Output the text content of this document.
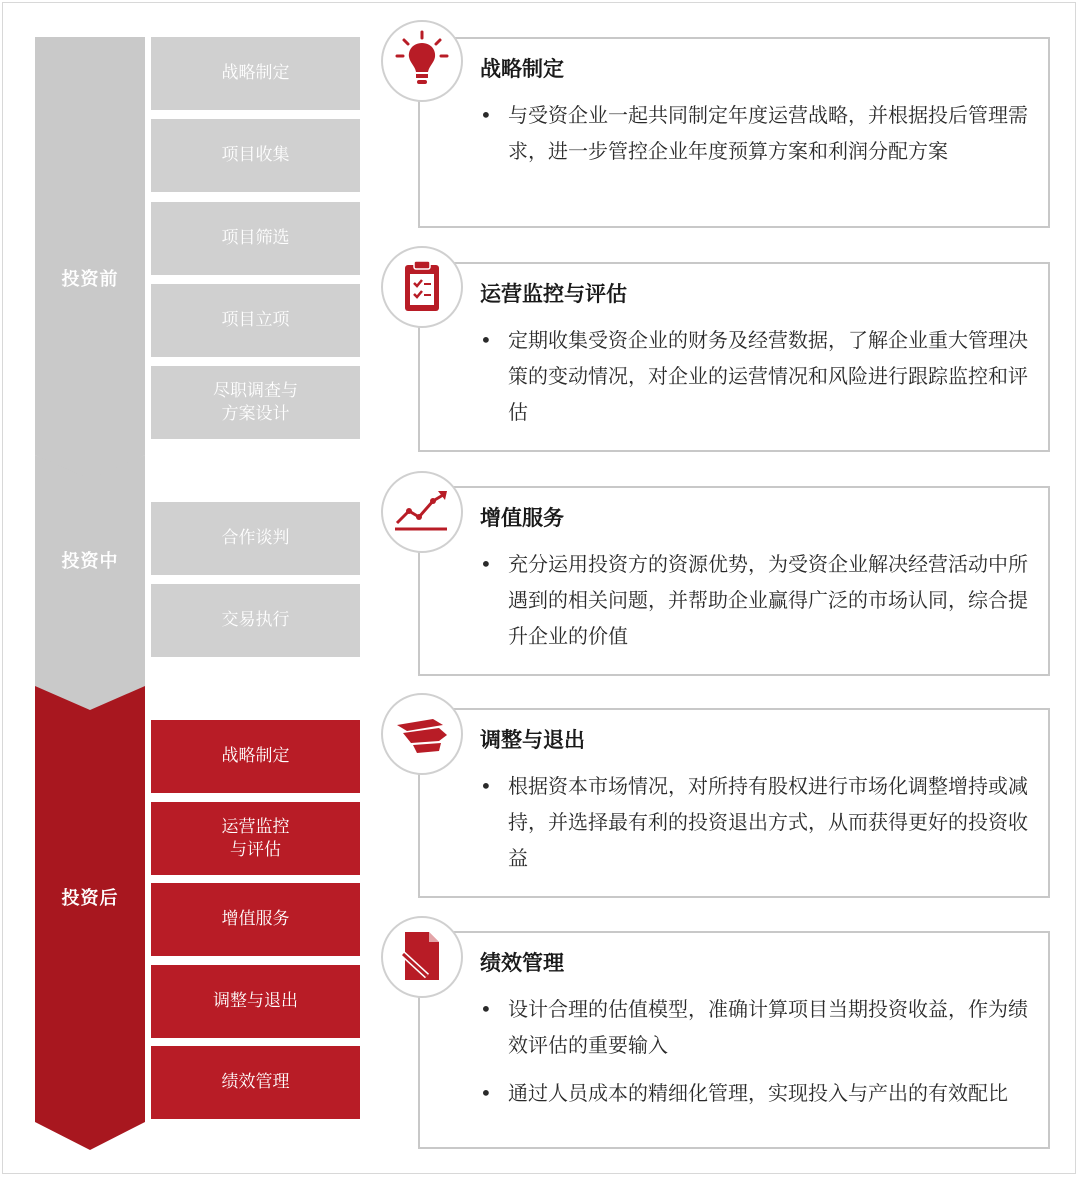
投资前
投资中
投资后
战略制定
项目收集
项目筛选
项目立项
尽职调查与
方案设计
合作谈判
交易执行
战略制定
运营监控
与评估
增值服务
调整与退出
绩效管理
战略制定
• 与受资企业一起共同制定年度运营战略，并根据投后管理需求，进一步管控企业年度预算方案和利润分配方案
运营监控与评估
• 定期收集受资企业的财务及经营数据，了解企业重大管理决策的变动情况，对企业的运营情况和风险进行跟踪监控和评估
增值服务
• 充分运用投资方的资源优势，为受资企业解决经营活动中所遇到的相关问题，并帮助企业赢得广泛的市场认同，综合提升企业的价值
调整与退出
• 根据资本市场情况，对所持有股权进行市场化调整增持或减持，并选择最有利的投资退出方式，从而获得更好的投资收益
绩效管理
• 设计合理的估值模型，准确计算项目当期投资收益，作为绩效评估的重要输入
• 通过人员成本的精细化管理，实现投入与产出的有效配比
